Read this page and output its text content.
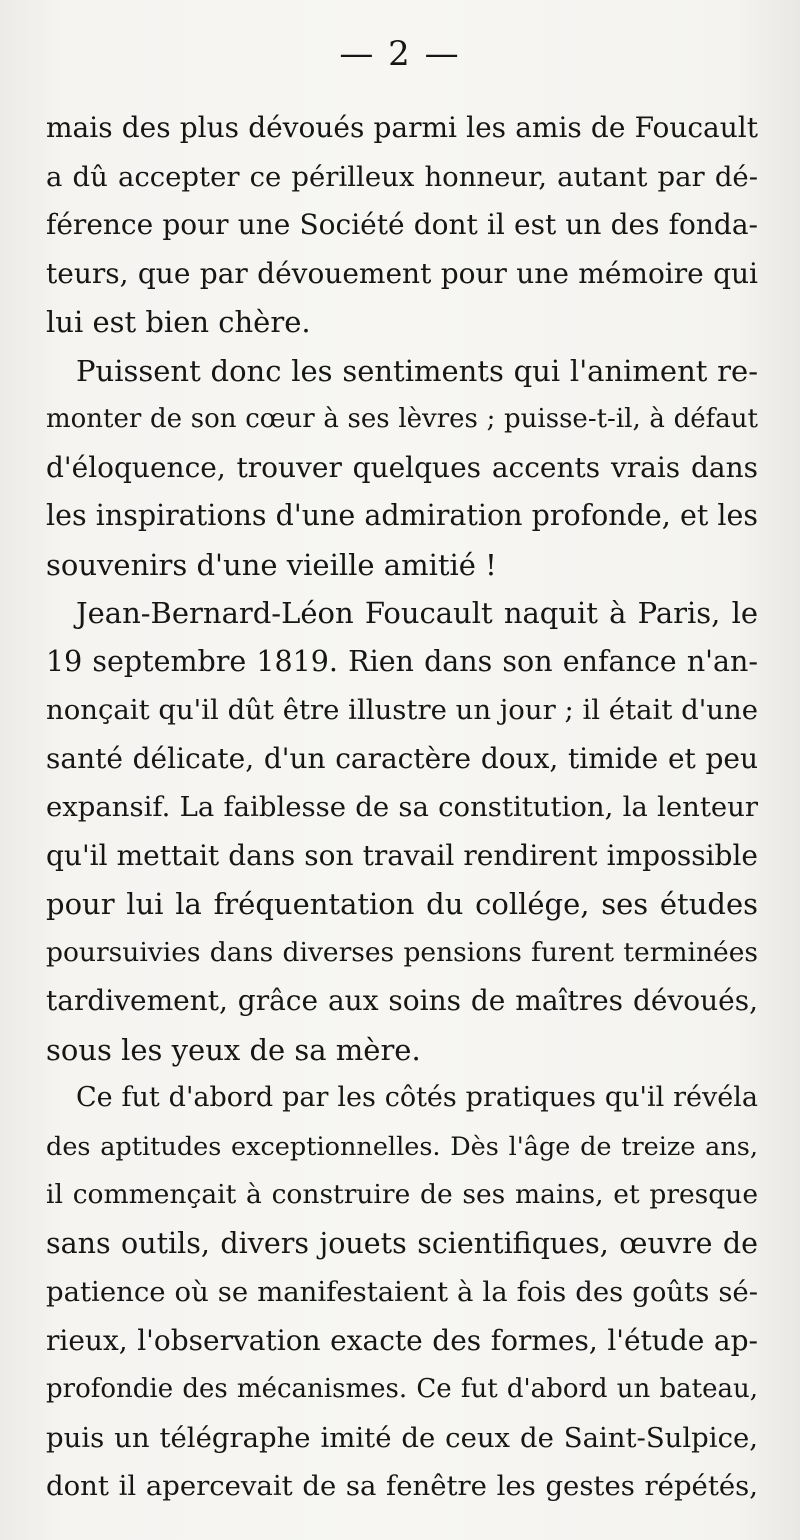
— 2 —
mais des plus dévoués parmi les amis de Foucault
a dû accepter ce périlleux honneur, autant par dé-
férence pour une Société dont il est un des fonda-
teurs, que par dévouement pour une mémoire qui
lui est bien chère.
Puissent donc les sentiments qui l'animent re-
monter de son cœur à ses lèvres ; puisse-t-il, à défaut
d'éloquence, trouver quelques accents vrais dans
les inspirations d'une admiration profonde, et les
souvenirs d'une vieille amitié !
Jean-Bernard-Léon Foucault naquit à Paris, le
19 septembre 1819. Rien dans son enfance n'an-
nonçait qu'il dût être illustre un jour ; il était d'une
santé délicate, d'un caractère doux, timide et peu
expansif. La faiblesse de sa constitution, la lenteur
qu'il mettait dans son travail rendirent impossible
pour lui la fréquentation du collége, ses études
poursuivies dans diverses pensions furent terminées
tardivement, grâce aux soins de maîtres dévoués,
sous les yeux de sa mère.
Ce fut d'abord par les côtés pratiques qu'il révéla
des aptitudes exceptionnelles. Dès l'âge de treize ans,
il commençait à construire de ses mains, et presque
sans outils, divers jouets scientifiques, œuvre de
patience où se manifestaient à la fois des goûts sé-
rieux, l'observation exacte des formes, l'étude ap-
profondie des mécanismes. Ce fut d'abord un bateau,
puis un télégraphe imité de ceux de Saint-Sulpice,
dont il apercevait de sa fenêtre les gestes répétés,
